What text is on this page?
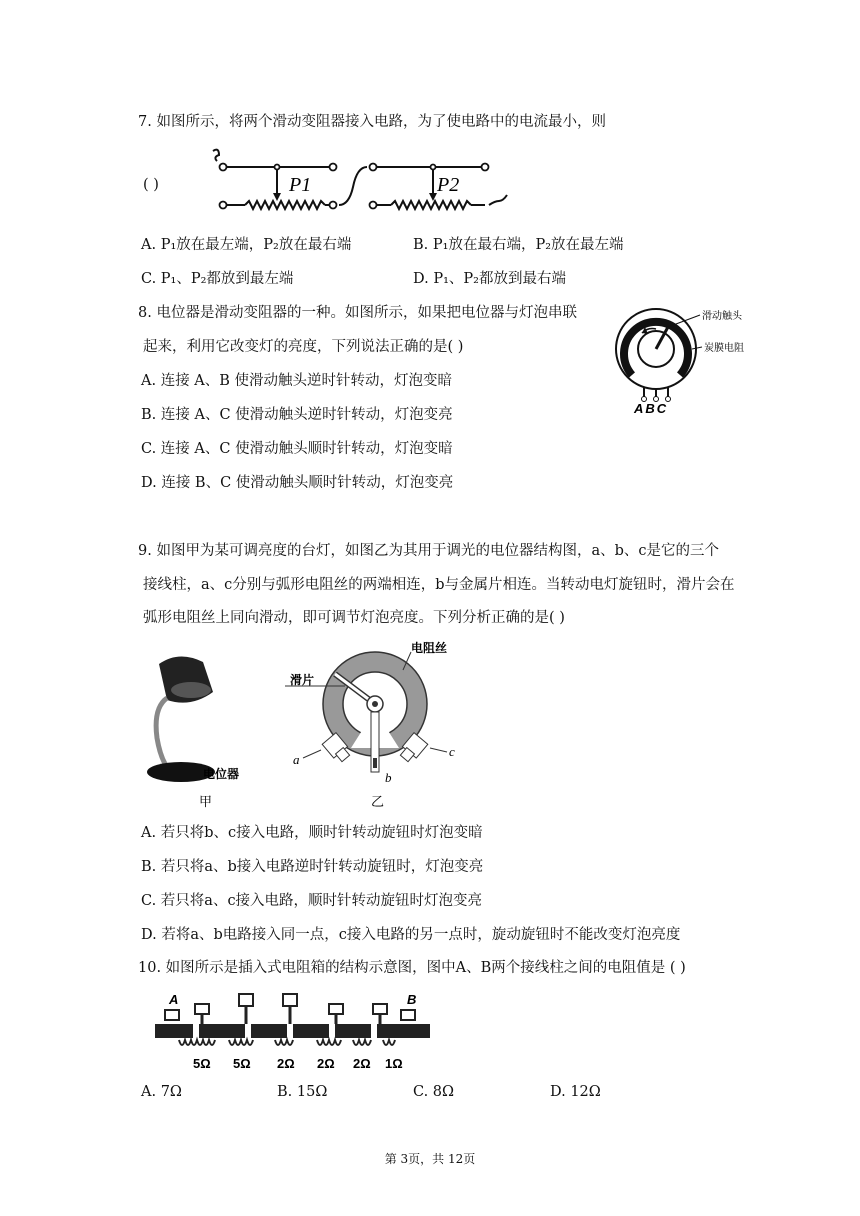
7. 如图所示，将两个滑动变阻器接入电路，为了使电路中的电流最小，则
( )	P1	P2
A. P₁放在最左端，P₂放在最右端	B. P₁放在最右端，P₂放在最左端
C. P₁、P₂都放到最左端	D. P₁、P₂都放到最右端
8. 电位器是滑动变阻器的一种。如图所示，如果把电位器与灯泡串联
起来，利用它改变灯的亮度，下列说法正确的是( )
滑动触头
炭膜电阻
ABC
A. 连接 A、B 使滑动触头逆时针转动，灯泡变暗
B. 连接 A、C 使滑动触头逆时针转动，灯泡变亮
C. 连接 A、C 使滑动触头顺时针转动，灯泡变暗
D. 连接 B、C 使滑动触头顺时针转动，灯泡变亮
9. 如图甲为某可调亮度的台灯，如图乙为其用于调光的电位器结构图，a、b、c是它的三个
接线柱，a、c分别与弧形电阻丝的两端相连，b与金属片相连。当转动电灯旋钮时，滑片会在
弧形电阻丝上同向滑动，即可调节灯泡亮度。下列分析正确的是( )
电位器
甲
电阻丝
滑片
a
b
c
乙
A. 若只将b、c接入电路，顺时针转动旋钮时灯泡变暗
B. 若只将a、b接入电路逆时针转动旋钮时，灯泡变亮
C. 若只将a、c接入电路，顺时针转动旋钮时灯泡变亮
D. 若将a、b电路接入同一点，c接入电路的另一点时，旋动旋钮时不能改变灯泡亮度
10. 如图所示是插入式电阻箱的结构示意图，图中A、B两个接线柱之间的电阻值是 ( )
5Ω 5Ω 2Ω 2Ω 2Ω 1Ω
A	B
A. 7Ω	B. 15Ω	C. 8Ω	D. 12Ω
第 3页，共 12页
